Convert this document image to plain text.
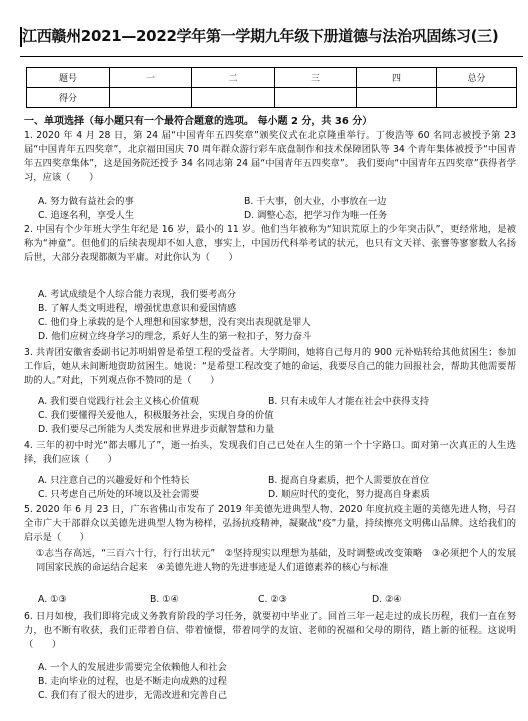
江西赣州2021—2022学年第一学期九年级下册道德与法治巩固练习(三)
题号	一	二	三	四	总分
得分					
一、单项选择（每小题只有一个最符合题意的选项。 每小题 2 分，共 36 分）

1. 2020 年 4 月 28 日，第 24 届“中国青年五四奖章”颁奖仪式在北京隆重举行。丁俊浩等 60 名同志被授予第 23 届“中国青年五四奖章”，北京福田国庆 70 周年群众游行彩车底盘制作和技术保障团队等 34 个青年集体被授予“中国青年五四奖章集体”，这是国务院还授予 34 名同志第 24 届“中国青年五四奖章”。 我们要向“中国青年五四奖章”获得者学习，应该（　　）

A. 努力做有益社会的事	B. 干大事，创大业，小事放在一边
C. 追逐名利，享受人生	D. 调整心态，把学习作为唯一任务

2. 中国有个少年班大学生年纪是 16 岁，最小的 11 岁。他们当年被称为“知识荒原上的少年突击队”，更经常地，是被称为“神童”。但他们的后续表现却不如人意，事实上，中国历代科举考试的状元，也只有文天祥、张謇等寥寥数人名扬后世，大部分表现都颇为平庸。对此你认为（　　）

A. 考试成绩是个人综合能力表现，我们要考高分
B. 了解人类文明进程，增强忧患意识和爱国情感
C. 他们身上承载的是个人理想和国家梦想，没有突出表现就是罪人
D. 他们应树立终身学习的理念，系好人生的第一粒扣子，努力奋斗

3. 共青团安徽省委副书记苏明娟曾是希望工程的受益者。大学期间，她将自己每月的 900 元补贴转给其他贫困生；参加工作后，她从未间断地资助贫困生。她说：“是希望工程改变了她的命运，我要尽自己的能力回报社会，帮助其他需要帮助的人。”对此，下列观点你不赞同的是（　　）

A. 我们要自觉践行社会主义核心价值观	B. 只有未成年人才能在社会中获得支持
C. 我们要懂得关爱他人，积极服务社会，实现自身的价值
D. 我们要尽己所能为人类发展和世界进步贡献智慧和力量

4. 三年的初中时光“都去哪儿了”，逝一抬头，发现我们自己已处在人生的第一个十字路口。面对第一次真正的人生选择，我们应该（　　）

A. 只注意自己的兴趣爱好和个性特长	B. 提高自身素质，把个人需要放在首位
C. 只考虑自己所处的环境以及社会需要	D. 顺应时代的变化，努力提高自身素质

5. 2020 年 6 月 23 日，广东省佛山市发布了 2019 年美德先进典型人物、2020 年度抗疫主题的美德先进人物，号召全市广大干部群众以美德先进典型人物为榜样，弘扬抗疫精神，凝聚战“疫”力量，持续擦亮文明佛山品牌。这给我们的启示是（　　）

①志当存高远，“三百六十行，行行出状元”　②坚持现实以理想为基础，及时调整或改变策略　③必须把个人的发展同国家民族的命运结合起来　④美德先进人物的先进事迹是人们道德素养的核心与标准

A. ①③	B. ①④	C. ②③	D. ②④

6. 日月如梭，我们即将完成义务教育阶段的学习任务，就要初中毕业了。回首三年一起走过的成长历程，我们一直在努力，也不断有收获，我们正带着自信、带着憧憬，带着同学的友谊、老师的祝福和父母的期待，踏上新的征程。这说明（　　）

A. 一个人的发展进步需要完全依赖他人和社会
B. 走向毕业的过程，也是不断走向成熟的过程
C. 我们有了很大的进步，无需改进和完善自己
